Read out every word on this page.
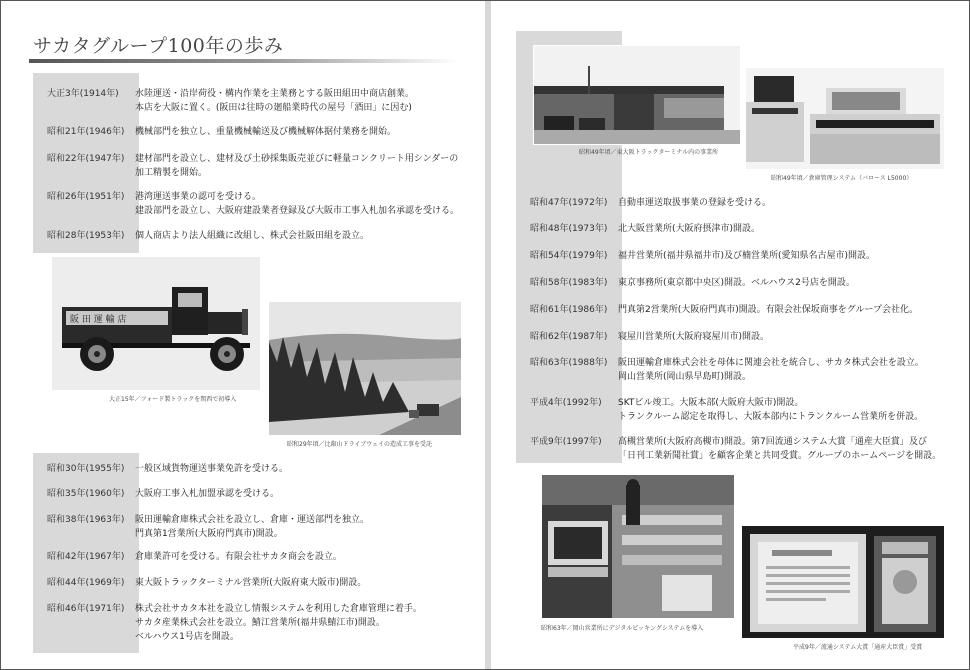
サカタグループ100年の歩み
大正3年(1914年)	水陸運送・沿岸荷役・構内作業を主業務とする阪田組田中商店創業。
本店を大阪に置く。(阪田は往時の廻船業時代の屋号「酒田」に因む)
昭和21年(1946年)	機械部門を独立し、重量機械輸送及び機械解体据付業務を開始。
昭和22年(1947年)	建材部門を設立し、建材及び土砂採集販売並びに軽量コンクリート用シンダーの
加工精製を開始。
昭和26年(1951年)	港湾運送事業の認可を受ける。
建設部門を設立し、大阪府建設業者登録及び大阪市工事入札加名承認を受ける。
昭和28年(1953年)	個人商店より法人組織に改組し、株式会社阪田組を設立。
阪 田 運 輸 店
大正15年／フォード製トラックを関西で初導入
昭和29年頃／比叡山ドライブウェイの造成工事を受託
昭和30年(1955年)	一般区域貨物運送事業免許を受ける。
昭和35年(1960年)	大阪府工事入札加盟承認を受ける。
昭和38年(1963年)	阪田運輸倉庫株式会社を設立し、倉庫・運送部門を独立。
門真第1営業所(大阪府門真市)開設。
昭和42年(1967年)	倉庫業許可を受ける。有限会社サカタ商会を設立。
昭和44年(1969年)	東大阪トラックターミナル営業所(大阪府東大阪市)開設。
昭和46年(1971年)	株式会社サカタ本社を設立し情報システムを利用した倉庫管理に着手。
サカタ産業株式会社を設立。鯖江営業所(福井県鯖江市)開設。
ベルハウス1号店を開設。
昭和49年頃／東大阪トラックターミナル内の事業所
昭和49年頃／倉庫管理システム（バロース L5000）
昭和47年(1972年)	自動車運送取扱事業の登録を受ける。
昭和48年(1973年)	北大阪営業所(大阪府摂津市)開設。
昭和54年(1979年)	福井営業所(福井県福井市)及び楠営業所(愛知県名古屋市)開設。
昭和58年(1983年)	東京事務所(東京都中央区)開設。ベルハウス2号店を開設。
昭和61年(1986年)	門真第2営業所(大阪府門真市)開設。有限会社保坂商事をグループ会社化。
昭和62年(1987年)	寝屋川営業所(大阪府寝屋川市)開設。
昭和63年(1988年)	阪田運輸倉庫株式会社を母体に関連会社を統合し、サカタ株式会社を設立。
岡山営業所(岡山県早島町)開設。
平成4年(1992年)	SKTビル竣工。大阪本部(大阪府大阪市)開設。
トランクルーム認定を取得し、大阪本部内にトランクルーム営業所を併設。
平成9年(1997年)	高槻営業所(大阪府高槻市)開設。第7回流通システム大賞「通産大臣賞」及び
「日刊工業新聞社賞」を顧客企業と共同受賞。グループのホームページを開設。
昭和63年／岡山営業所にデジタルピッキングシステムを導入
平成9年／流通システム大賞「通産大臣賞」受賞
